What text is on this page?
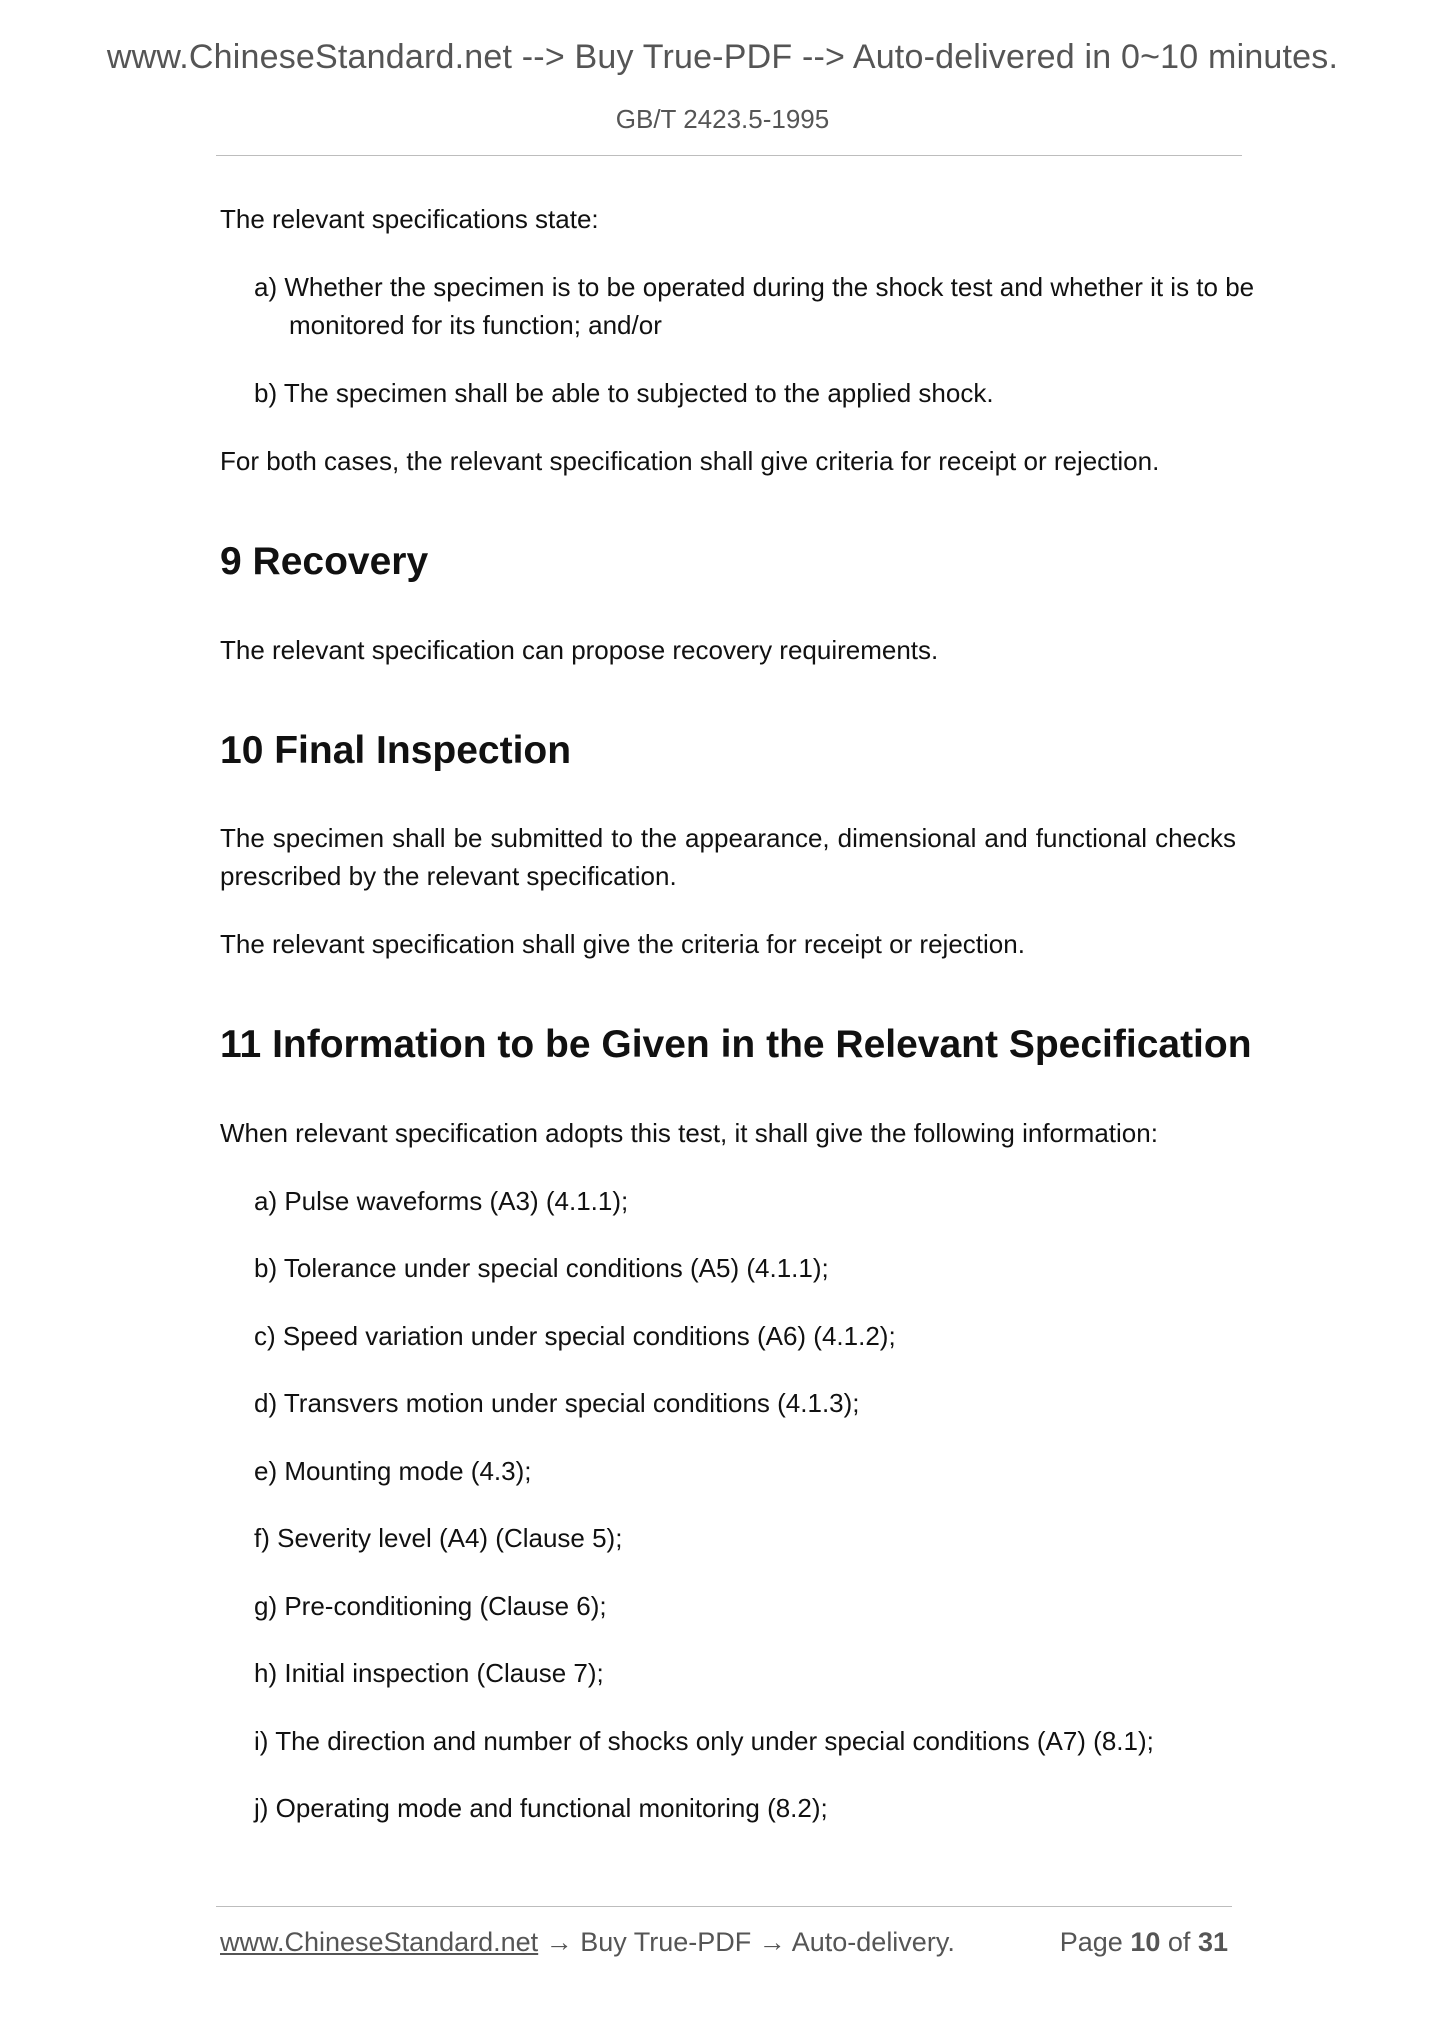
www.ChineseStandard.net --> Buy True-PDF --> Auto-delivered in 0~10 minutes.
GB/T 2423.5-1995
The relevant specifications state:
a) Whether the specimen is to be operated during the shock test and whether it is to be monitored for its function; and/or
b) The specimen shall be able to subjected to the applied shock.
For both cases, the relevant specification shall give criteria for receipt or rejection.
9 Recovery
The relevant specification can propose recovery requirements.
10 Final Inspection
The specimen shall be submitted to the appearance, dimensional and functional checks prescribed by the relevant specification.
The relevant specification shall give the criteria for receipt or rejection.
11 Information to be Given in the Relevant Specification
When relevant specification adopts this test, it shall give the following information:
a) Pulse waveforms (A3) (4.1.1);
b) Tolerance under special conditions (A5) (4.1.1);
c) Speed variation under special conditions (A6) (4.1.2);
d) Transvers motion under special conditions (4.1.3);
e) Mounting mode (4.3);
f) Severity level (A4) (Clause 5);
g) Pre-conditioning (Clause 6);
h) Initial inspection (Clause 7);
i) The direction and number of shocks only under special conditions (A7) (8.1);
j) Operating mode and functional monitoring (8.2);
www.ChineseStandard.net → Buy True-PDF → Auto-delivery.	Page 10 of 31
